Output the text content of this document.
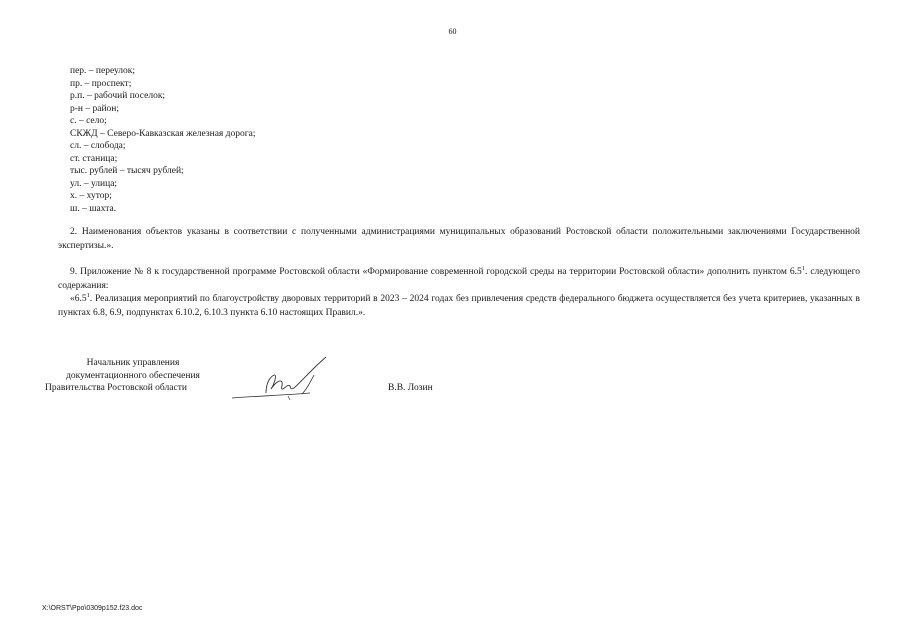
60
пер. – переулок;
пр. – проспект;
р.п. – рабочий поселок;
р-н – район;
с. – село;
СКЖД – Северо-Кавказская железная дорога;
сл. – слобода;
ст. станица;
тыс. рублей – тысяч рублей;
ул. – улица;
х. – хутор;
ш. – шахта.
2. Наименования объектов указаны в соответствии с полученными администрациями муниципальных образований Ростовской области положительными заключениями Государственной экспертизы.».
9. Приложение № 8 к государственной программе Ростовской области «Формирование современной городской среды на территории Ростовской области» дополнить пунктом $6.5^1$. следующего содержания:
«$6.5^1$. Реализация мероприятий по благоустройству дворовых территорий в 2023 – 2024 годах без привлечения средств федерального бюджета осуществляется без учета критериев, указанных в пунктах 6.8, 6.9, подпунктах 6.10.2, 6.10.3 пункта 6.10 настоящих Правил.».
Начальник управления
документационного обеспечения
Правительства Ростовской области	В.В. Лозин
X:\ORST\Ppo\0309p152.f23.doc
